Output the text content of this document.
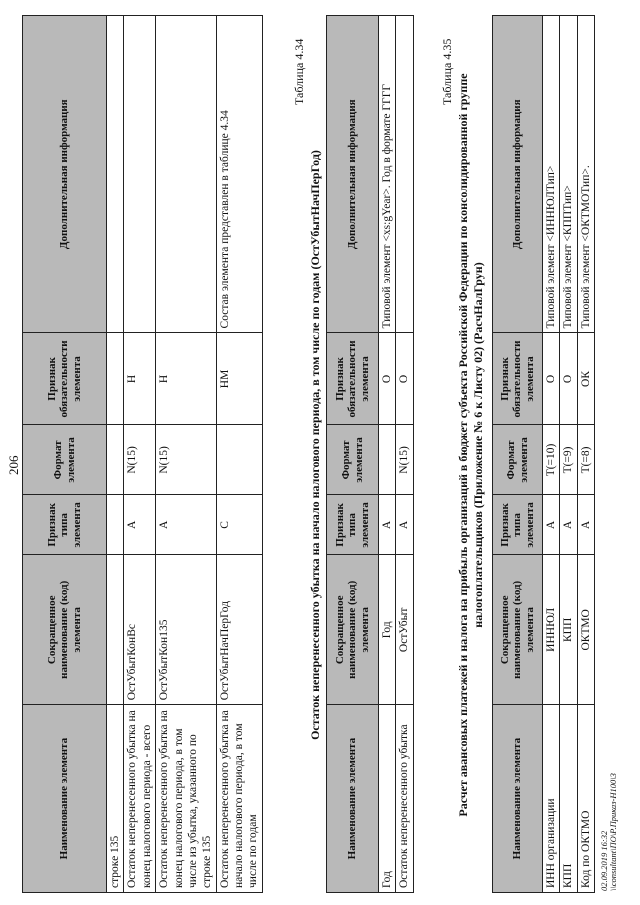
206
Наименование элемента	Сокращенное наименование (код) элемента	Признак типа элемента	Формат элемента	Признак обязательности элемента	Дополнительная информация
строке 135					
Остаток неперенесенного убытка на конец налогового периода - всего	ОстУбытКонВс	А	N(15)	Н	
Остаток неперенесенного убытка на конец налогового периода, в том числе из убытка, указанного по строке 135	ОстУбытКон135	А	N(15)	Н	
Остаток неперенесенного убытка на начало налогового периода, в том числе по годам	ОстУбытНачПерГод	С		НМ	Состав элемента представлен в таблице 4.34
Таблица 4.34
Остаток неперенесенного убытка на начало налогового периода, в том числе по годам (ОстУбытНачПерГод)
Наименование элемента	Сокращенное наименование (код) элемента	Признак типа элемента	Формат элемента	Признак обязательности элемента	Дополнительная информация
Год	Год	А		О	Типовой элемент <xs:gYear>. Год в формате ГГГГ
Остаток неперенесенного убытка	ОстУбыт	А	N(15)	О	
Таблица 4.35
Расчет авансовых платежей и налога на прибыль организаций в бюджет субъекта Российской Федерации по консолидированной группе налогоплательщиков (Приложение № 6 к Листу 02) (РасчНалГрун)
Наименование элемента	Сокращенное наименование (код) элемента	Признак типа элемента	Формат элемента	Признак обязательности элемента	Дополнительная информация
ИНН организации	ИННЮЛ	А	T(=10)	О	Типовой элемент <ИННЮЛТип>
КПП	КПП	А	T(=9)	О	Типовой элемент <КППТип>
Код по ОКТМО	ОКТМО	А	T(=8)	ОК	Типовой элемент <ОКТМОТип>.
02.09.2019 16:32 \\consultant\ПО\Р.Приказ-Н100\3
